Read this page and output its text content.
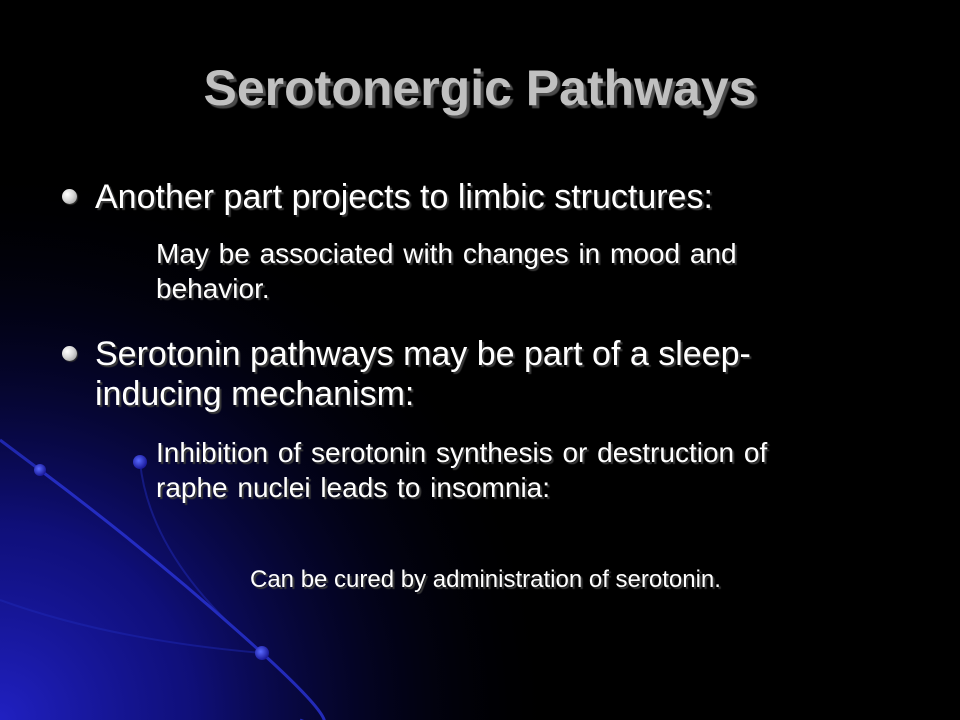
Serotonergic Pathways
Another part projects to limbic structures:
May be associated with changes in mood and behavior.
Serotonin pathways may be part of a sleep-inducing mechanism:
Inhibition of serotonin synthesis or destruction of raphe nuclei leads to insomnia:
Can be cured by administration of serotonin.
